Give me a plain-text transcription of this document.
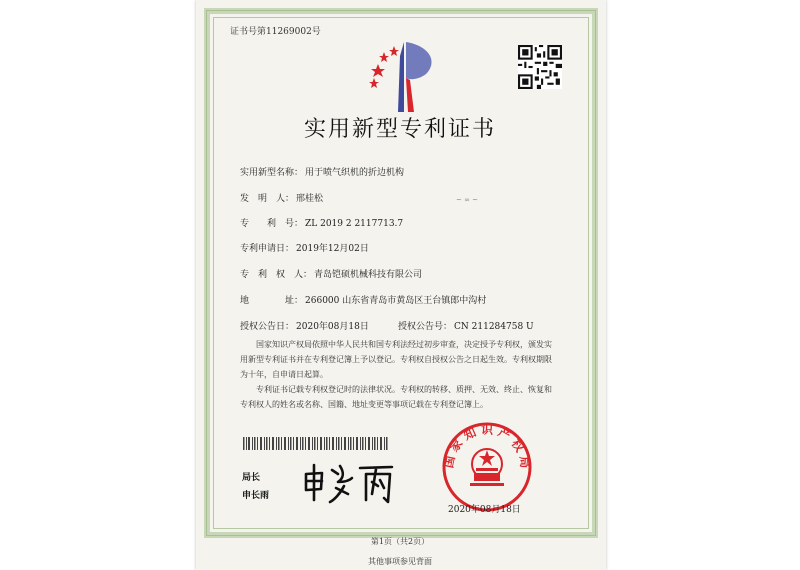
证书号第11269002号
实用新型专利证书
实用新型名称： 用于喷气织机的折边机构
发　明　人： 邢桂松	~ ∞ ~
专　　利　号： ZL 2019 2 2117713.7
专利申请日： 2019年12月02日
专　利　权　人： 青岛铠硕机械科技有限公司
地　　　　址： 266000 山东省青岛市黄岛区王台镇郎中沟村
授权公告日： 2020年08月18日	授权公告号： CN 211284758 U
国家知识产权局依照中华人民共和国专利法经过初步审查，决定授予专利权，颁发实用新型专利证书并在专利登记簿上予以登记。专利权自授权公告之日起生效。专利权期限为十年，自申请日起算。
专利证书记载专利权登记时的法律状况。专利权的转移、质押、无效、终止、恢复和专利权人的姓名或名称、国籍、地址变更等事项记载在专利登记簿上。
局长
申长雨
国家知识产权局
2020年08月18日
第1页（共2页）
其他事项参见背面
